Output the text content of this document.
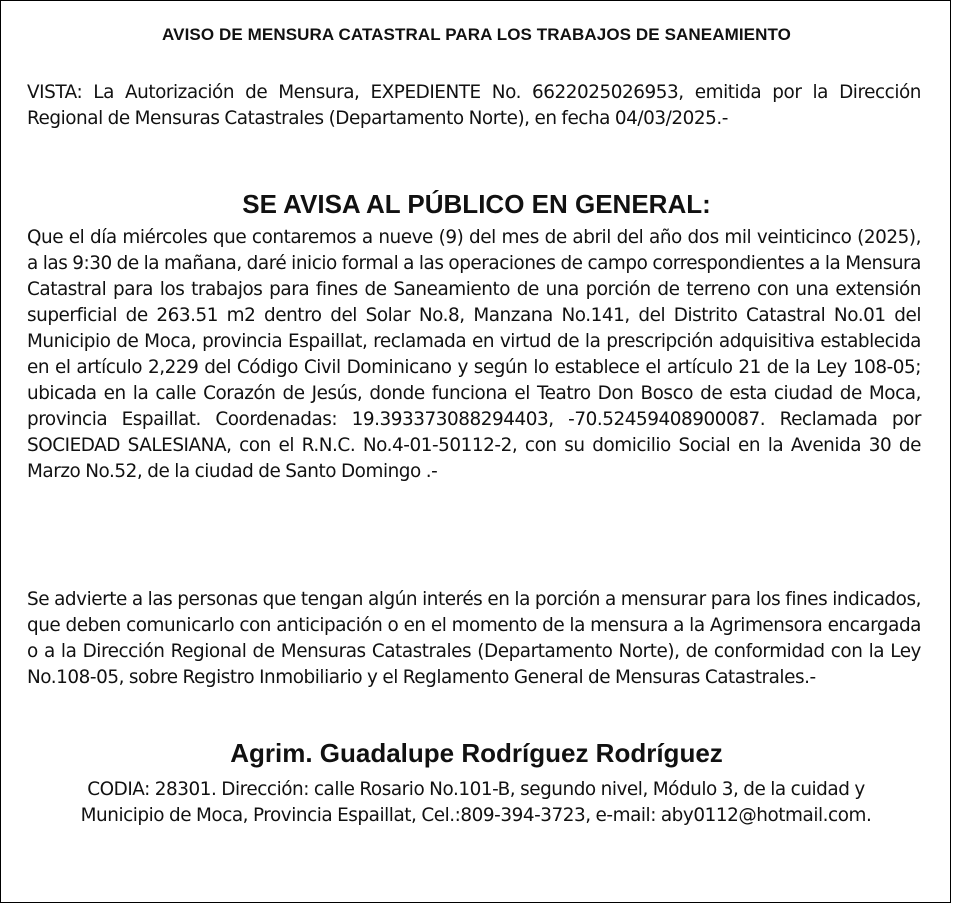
AVISO DE MENSURA CATASTRAL PARA LOS TRABAJOS DE SANEAMIENTO

VISTA: La Autorización de Mensura, EXPEDIENTE No. 6622025026953, emitida por la Dirección Regional de Mensuras Catastrales (Departamento Norte), en fecha 04/03/2025.-

SE AVISA AL PÚBLICO EN GENERAL:

Que el día miércoles que contaremos a nueve (9) del mes de abril del año dos mil veinticinco (2025), a las 9:30 de la mañana, daré inicio formal a las operaciones de campo correspondientes a la Mensura Catastral para los trabajos para fines de Saneamiento de una porción de terreno con una extensión superficial de 263.51 m2 dentro del Solar No.8, Manzana No.141, del Distrito Catastral No.01 del Municipio de Moca, provincia Espaillat, reclamada en virtud de la prescripción adquisitiva establecida en el artículo 2,229 del Código Civil Dominicano y según lo establece el artículo 21 de la Ley 108-05; ubicada en la calle Corazón de Jesús, donde funciona el Teatro Don Bosco de esta ciudad de Moca, provincia Espaillat. Coordenadas: 19.393373088294403, -70.52459408900087. Reclamada por SOCIEDAD SALESIANA, con el R.N.C. No.4-01-50112-2, con su domicilio Social en la Avenida 30 de Marzo No.52, de la ciudad de Santo Domingo .-

Se advierte a las personas que tengan algún interés en la porción a mensurar para los fines indicados, que deben comunicarlo con anticipación o en el momento de la mensura a la Agrimensora encargada o a la Dirección Regional de Mensuras Catastrales (Departamento Norte), de conformidad con la Ley No.108-05, sobre Registro Inmobiliario y el Reglamento General de Mensuras Catastrales.-

Agrim. Guadalupe Rodríguez Rodríguez

CODIA: 28301. Dirección: calle Rosario No.101-B, segundo nivel, Módulo 3, de la cuidad y Municipio de Moca, Provincia Espaillat, Cel.:809-394-3723, e-mail: aby0112@hotmail.com.
